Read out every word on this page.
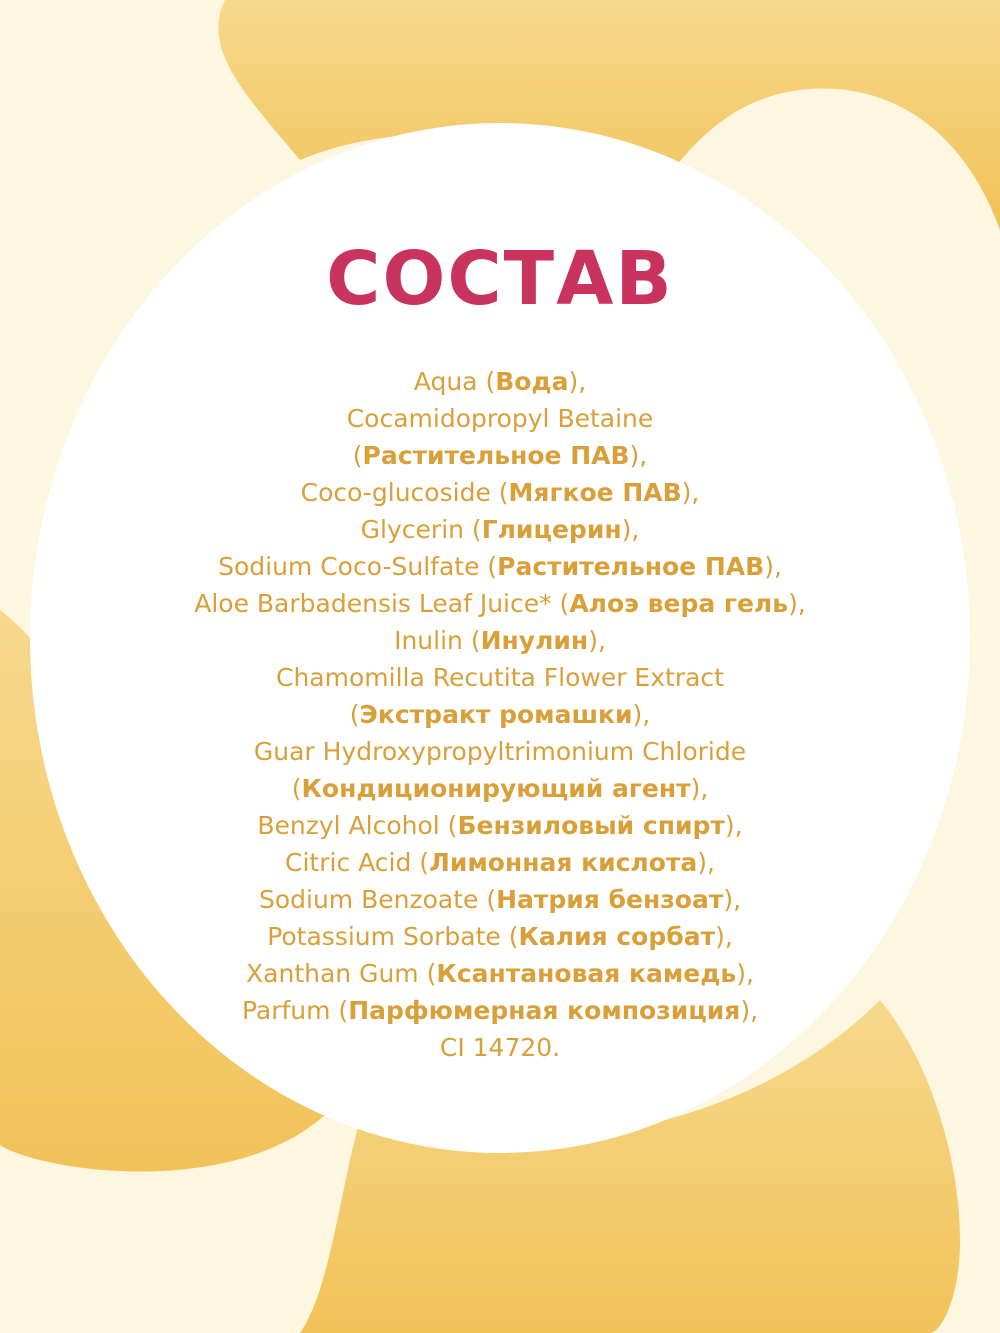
СОСТАВ
Aqua (Вода),
Cocamidopropyl Betaine
(Растительное ПАВ),
Coco-glucoside (Мягкое ПАВ),
Glycerin (Глицерин),
Sodium Coco-Sulfate (Растительное ПАВ),
Aloe Barbadensis Leaf Juice* (Алоэ вера гель),
Inulin (Инулин),
Chamomilla Recutita Flower Extract
(Экстракт ромашки),
Guar Hydroxypropyltrimonium Chloride
(Кондиционирующий агент),
Benzyl Alcohol (Бензиловый спирт),
Citric Acid (Лимонная кислота),
Sodium Benzoate (Натрия бензоат),
Potassium Sorbate (Калия сорбат),
Xanthan Gum (Ксантановая камедь),
Parfum (Парфюмерная композиция),
CI 14720.
